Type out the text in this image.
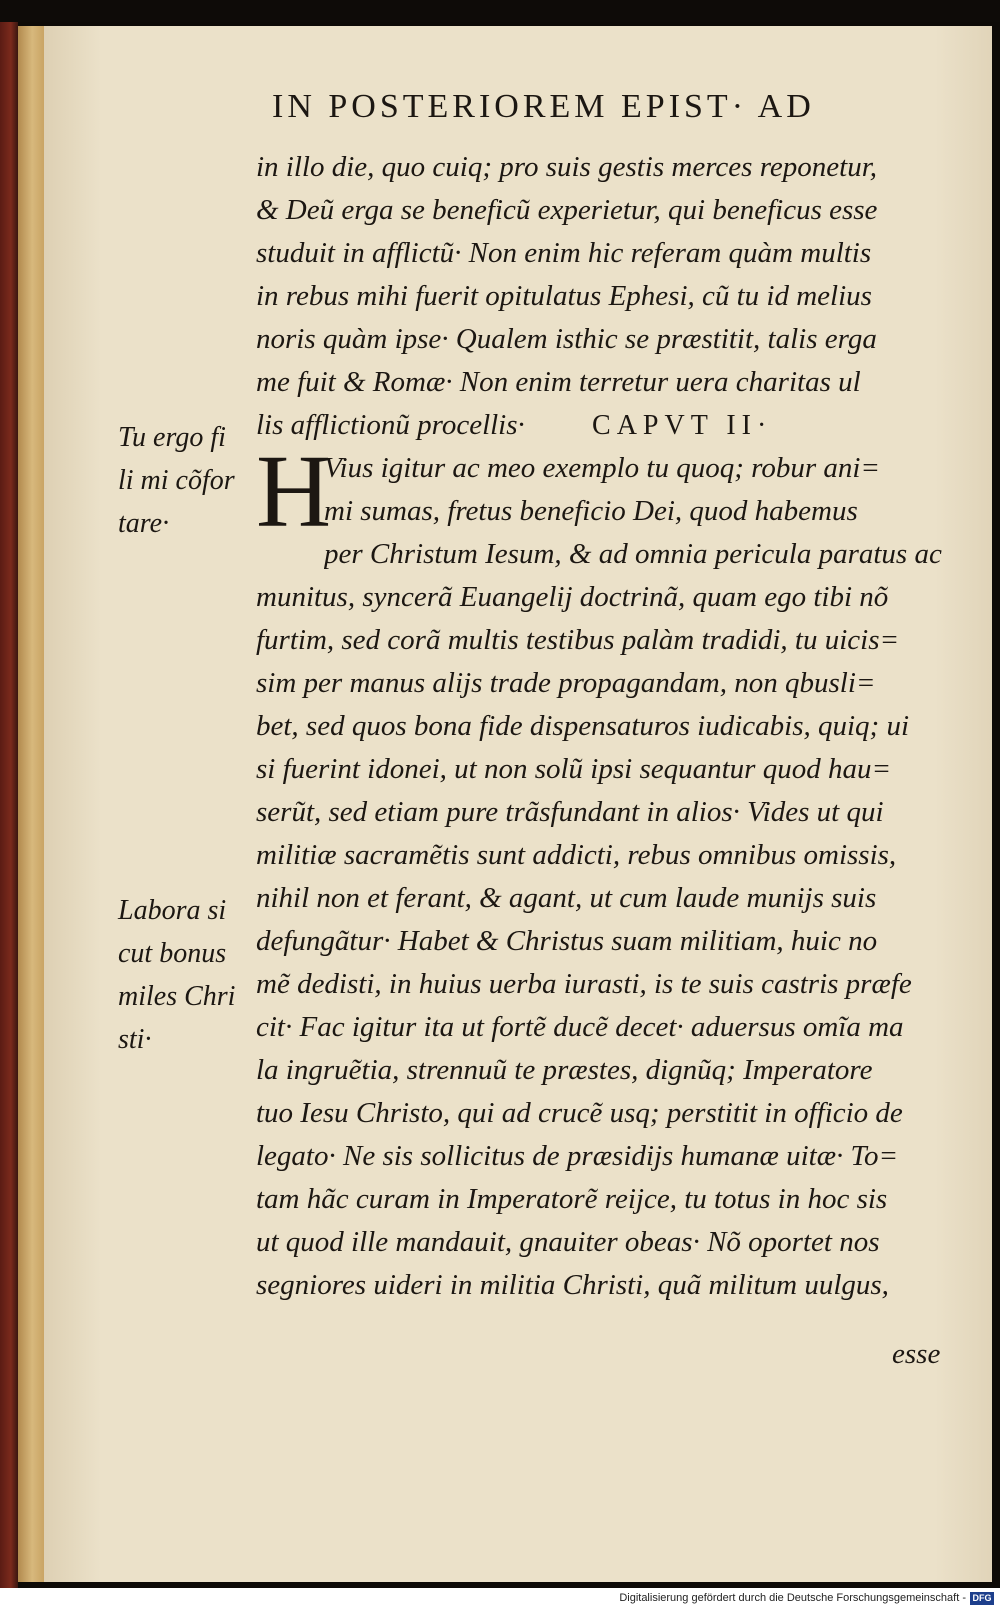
IN POSTERIOREM EPIST· AD
Tu ergo fi
li mi cõfor
tare·
Labora si
cut bonus
miles Chri
sti·
in illo die, quo cuiq; pro suis gestis merces reponetur,
& Deũ erga se beneficũ experietur, qui beneficus esse
studuit in afflictũ· Non enim hic referam quàm multis
in rebus mihi fuerit opitulatus Ephesi, cũ tu id melius
noris quàm ipse· Qualem isthic se præstitit, talis erga
me fuit & Romæ· Non enim terretur uera charitas ul
lis afflictionũ procellis· CAPVT II·
H
Vius igitur ac meo exemplo tu quoq; robur ani=
mi sumas, fretus beneficio Dei, quod habemus
per Christum Iesum, & ad omnia pericula paratus ac
munitus, syncerã Euangelij doctrinã, quam ego tibi nõ
furtim, sed corã multis testibus palàm tradidi, tu uicis=
sim per manus alijs trade propagandam, non qbusli=
bet, sed quos bona fide dispensaturos iudicabis, quiq; ui
si fuerint idonei, ut non solũ ipsi sequantur quod hau=
serũt, sed etiam pure trãsfundant in alios· Vides ut qui
militiæ sacramẽtis sunt addicti, rebus omnibus omissis,
nihil non et ferant, & agant, ut cum laude munijs suis
defungãtur· Habet & Christus suam militiam, huic no
mẽ dedisti, in huius uerba iurasti, is te suis castris præfe
cit· Fac igitur ita ut fortẽ ducẽ decet· aduersus omĩa ma
la ingruẽtia, strennuũ te præstes, dignũq; Imperatore
tuo Iesu Christo, qui ad crucẽ usq; perstitit in officio de
legato· Ne sis sollicitus de præsidijs humanæ uitæ· To=
tam hãc curam in Imperatorẽ reijce, tu totus in hoc sis
ut quod ille mandauit, gnauiter obeas· Nõ oportet nos
segniores uideri in militia Christi, quã militum uulgus,
esse
Digitalisierung gefördert durch die Deutsche Forschungsgemeinschaft - DFG
